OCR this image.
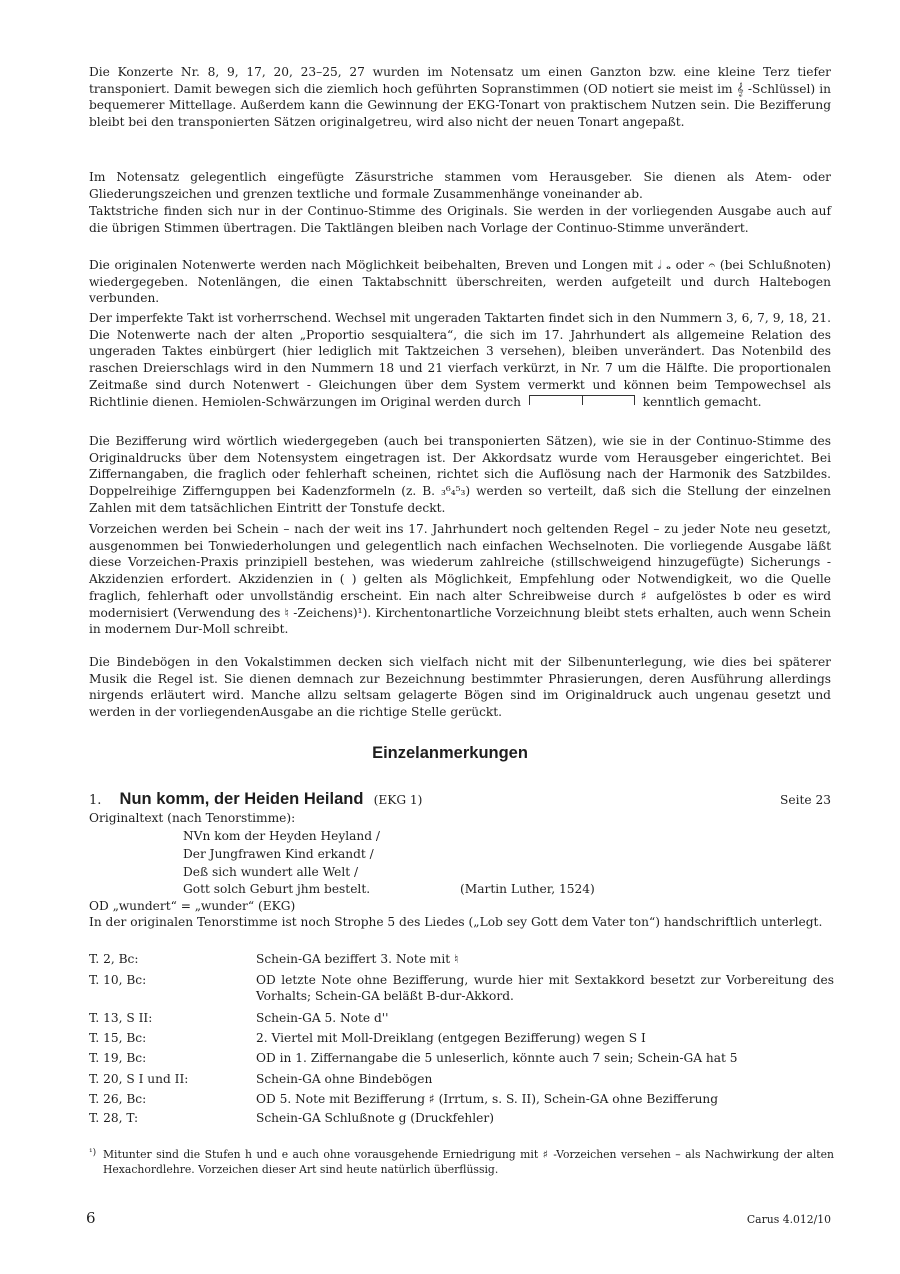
Die Konzerte Nr. 8, 9, 17, 20, 23–25, 27 wurden im Notensatz um einen Ganzton bzw. eine kleine Terz tiefer transponiert. Damit bewegen sich die ziemlich hoch geführten Sopranstimmen (OD notiert sie meist im 𝄞 -Schlüssel) in bequemerer Mittellage. Außerdem kann die Gewinnung der EKG-Tonart von praktischem Nutzen sein. Die Bezifferung bleibt bei den transponierten Sätzen originalgetreu, wird also nicht der neuen Tonart angepaßt.

Im Notensatz gelegentlich eingefügte Zäsurstriche stammen vom Herausgeber. Sie dienen als Atem- oder Gliederungszeichen und grenzen textliche und formale Zusammenhänge voneinander ab.

Taktstriche finden sich nur in der Continuo-Stimme des Originals. Sie werden in der vorliegenden Ausgabe auch auf die übrigen Stimmen übertragen. Die Taktlängen bleiben nach Vorlage der Continuo-Stimme unverändert.

Die originalen Notenwerte werden nach Möglichkeit beibehalten, Breven und Longen mit 𝅗𝅥 𝅝 oder 𝄐 (bei Schlußnoten) wiedergegeben. Notenlängen, die einen Taktabschnitt überschreiten, werden aufgeteilt und durch Haltebogen verbunden.

Der imperfekte Takt ist vorherrschend. Wechsel mit ungeraden Taktarten findet sich in den Nummern 3, 6, 7, 9, 18, 21. Die Notenwerte nach der alten „Proportio sesquialtera“, die sich im 17. Jahrhundert als allgemeine Relation des ungeraden Taktes einbürgert (hier lediglich mit Taktzeichen 3 versehen), bleiben unverändert. Das Notenbild des raschen Dreierschlags wird in den Nummern 18 und 21 vierfach verkürzt, in Nr. 7 um die Hälfte. Die proportionalen Zeitmaße sind durch Notenwert - Gleichungen über dem System vermerkt und können beim Tempowechsel als Richtlinie dienen. Hemiolen-Schwärzungen im Original werden durch	kenntlich gemacht.

Die Bezifferung wird wörtlich wiedergegeben (auch bei transponierten Sätzen), wie sie in der Continuo-Stimme des Originaldrucks über dem Notensystem eingetragen ist. Der Akkordsatz wurde vom Herausgeber eingerichtet. Bei Ziffernangaben, die fraglich oder fehlerhaft scheinen, richtet sich die Auflösung nach der Harmonik des Satzbildes. Doppelreihige Ziffernguppen bei Kadenzformeln (z. B. ₃⁶₄⁵₃) werden so verteilt, daß sich die Stellung der einzelnen Zahlen mit dem tatsächlichen Eintritt der Tonstufe deckt.

Vorzeichen werden bei Schein – nach der weit ins 17. Jahrhundert noch geltenden Regel – zu jeder Note neu gesetzt, ausgenommen bei Tonwiederholungen und gelegentlich nach einfachen Wechselnoten. Die vorliegende Ausgabe läßt diese Vorzeichen-Praxis prinzipiell bestehen, was wiederum zahlreiche (stillschweigend hinzugefügte) Sicherungs - Akzidenzien erfordert. Akzidenzien in ( ) gelten als Möglichkeit, Empfehlung oder Notwendigkeit, wo die Quelle fraglich, fehlerhaft oder unvollständig erscheint. Ein nach alter Schreibweise durch ♯ aufgelöstes b oder es wird modernisiert (Verwendung des ♮ -Zeichens)¹). Kirchentonartliche Vorzeichnung bleibt stets erhalten, auch wenn Schein in modernem Dur-Moll schreibt.

Die Bindebögen in den Vokalstimmen decken sich vielfach nicht mit der Silbenunterlegung, wie dies bei späterer Musik die Regel ist. Sie dienen demnach zur Bezeichnung bestimmter Phrasierungen, deren Ausführung allerdings nirgends erläutert wird. Manche allzu seltsam gelagerte Bögen sind im Originaldruck auch ungenau gesetzt und werden in der vorliegendenAusgabe an die richtige Stelle gerückt.

Einzelanmerkungen
1. Nun komm, der Heiden Heiland (EKG 1)	Seite 23
Originaltext (nach Tenorstimme):
NVn kom der Heyden Heyland /
Der Jungfrawen Kind erkandt /
Deß sich wundert alle Welt /
Gott solch Geburt jhm bestelt.	(Martin Luther, 1524)
OD „wundert“ = „wunder“ (EKG)
In der originalen Tenorstimme ist noch Strophe 5 des Liedes („Lob sey Gott dem Vater ton“) handschriftlich unterlegt.
T. 2, Bc:	Schein-GA beziffert 3. Note mit ♮
T. 10, Bc:	OD letzte Note ohne Bezifferung, wurde hier mit Sextakkord besetzt zur Vorbereitung des Vorhalts; Schein-GA beläßt B-dur-Akkord.
T. 13, S II:	Schein-GA 5. Note d''
T. 15, Bc:	2. Viertel mit Moll-Dreiklang (entgegen Bezifferung) wegen S I
T. 19, Bc:	OD in 1. Ziffernangabe die 5 unleserlich, könnte auch 7 sein; Schein-GA hat 5
T. 20, S I und II:	Schein-GA ohne Bindebögen
T. 26, Bc:	OD 5. Note mit Bezifferung ♯ (Irrtum, s. S. II), Schein-GA ohne Bezifferung
T. 28, T:	Schein-GA Schlußnote g (Druckfehler)
¹) Mitunter sind die Stufen h und e auch ohne vorausgehende Erniedrigung mit ♯ -Vorzeichen versehen – als Nachwirkung der alten Hexachordlehre. Vorzeichen dieser Art sind heute natürlich überflüssig.
6	Carus 4.012/10
